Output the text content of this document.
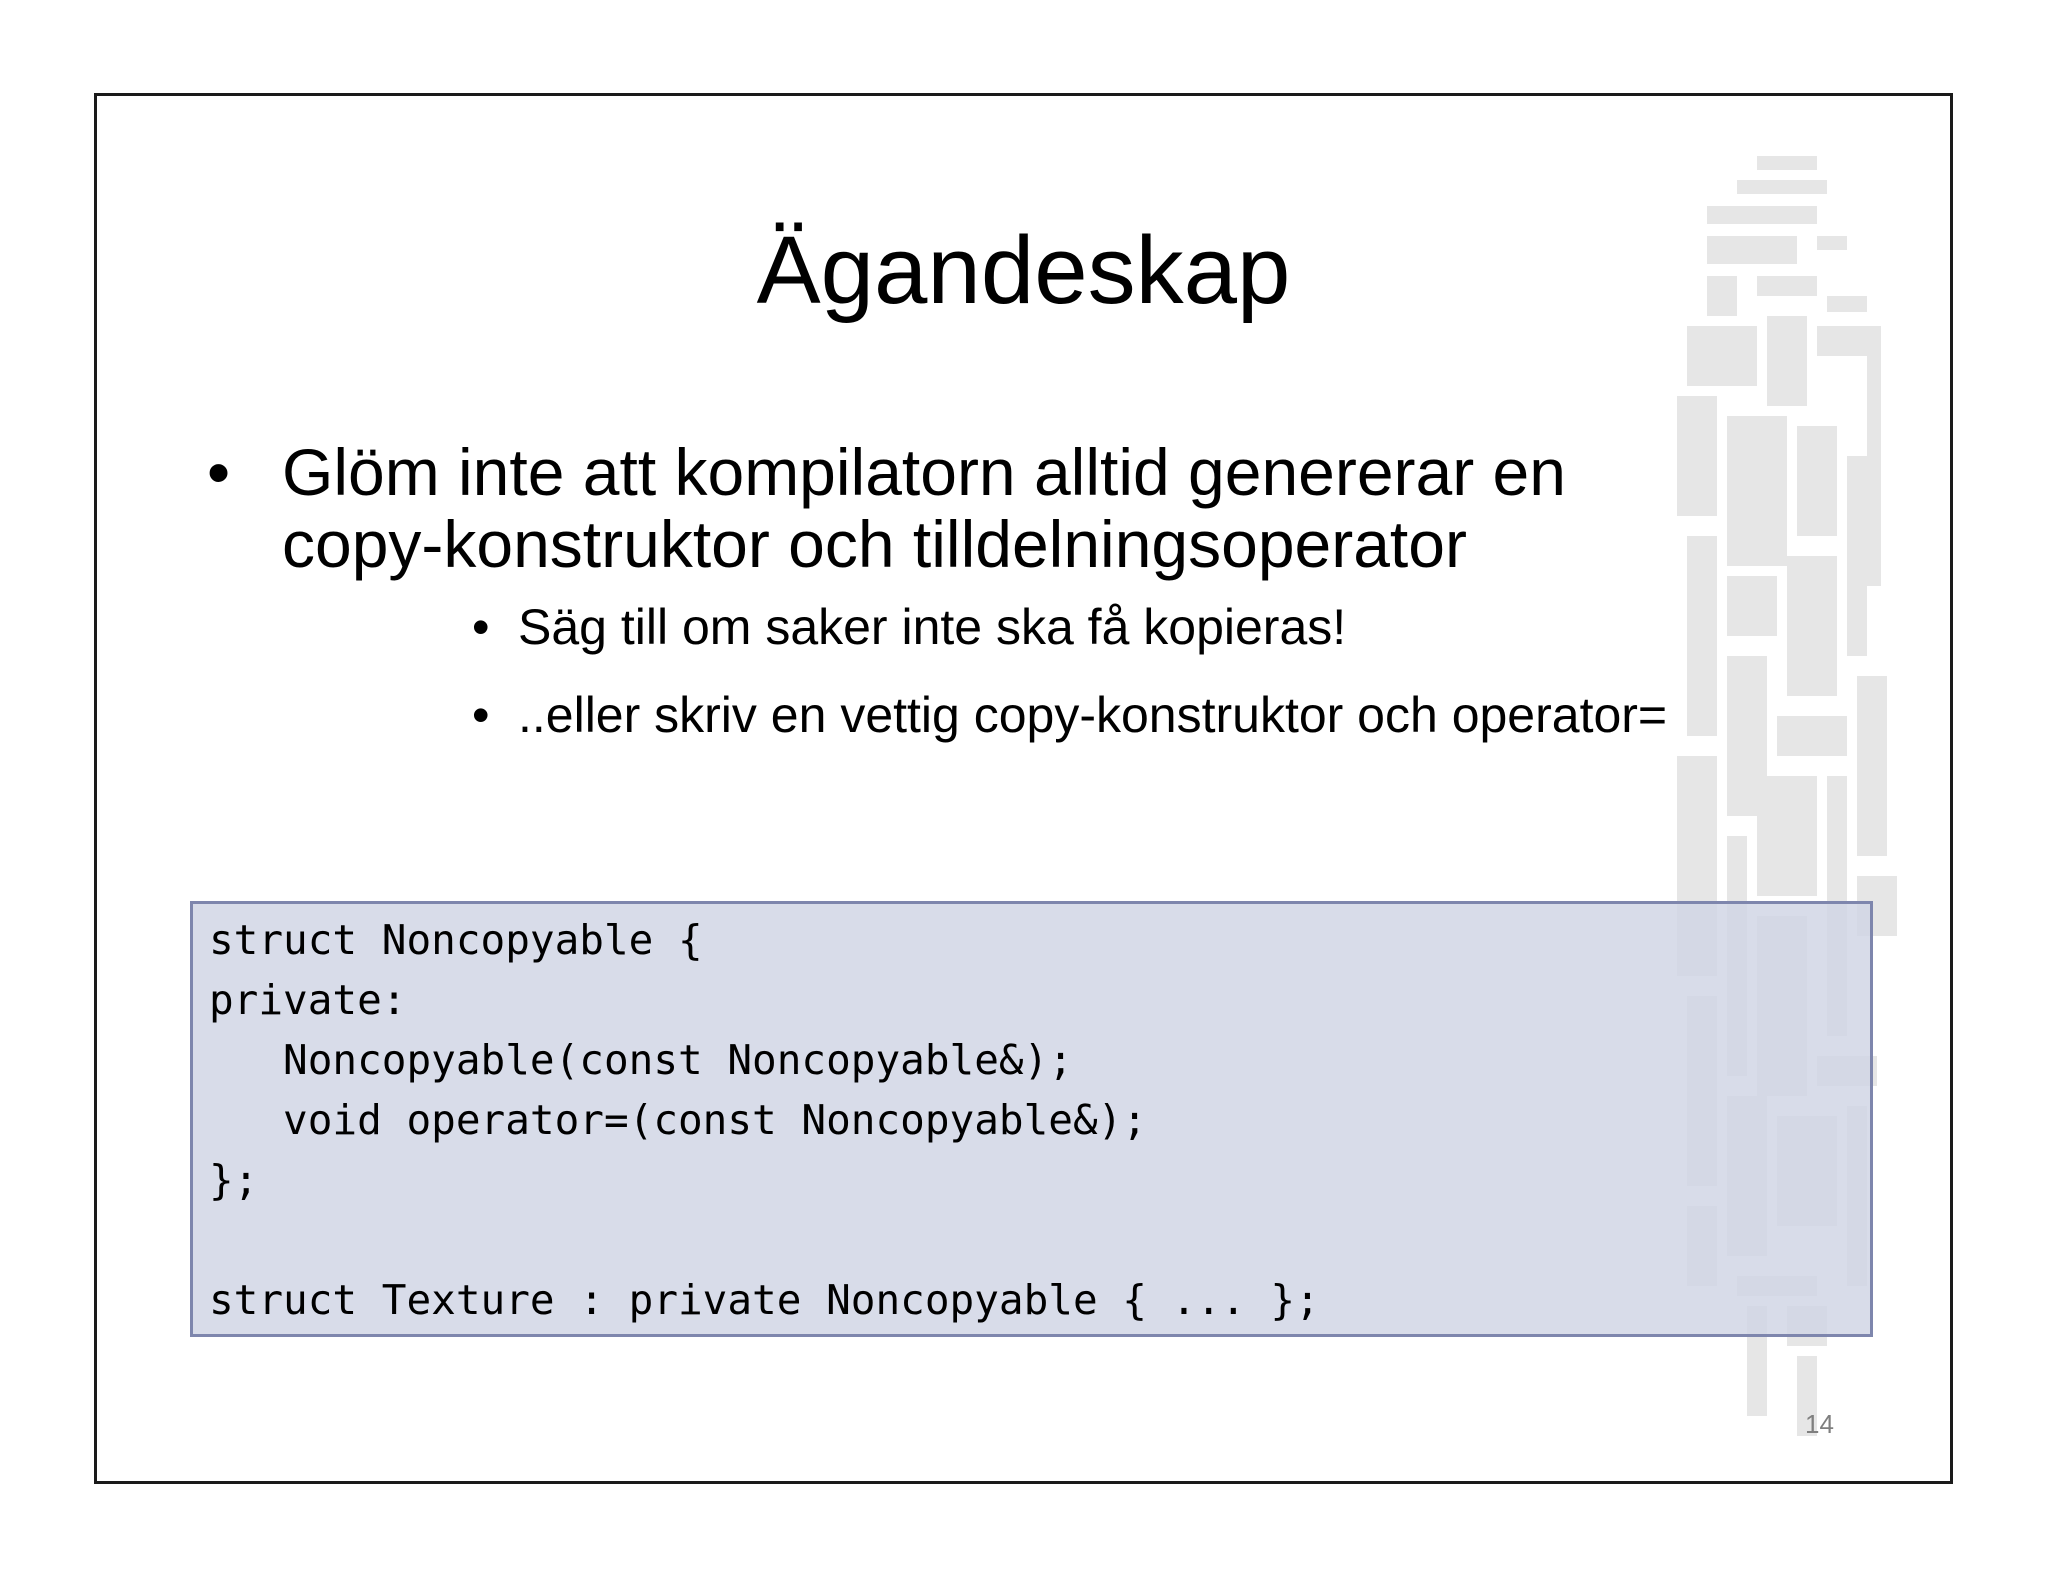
Ägandeskap
• Glöm inte att kompilatorn alltid genererar en
copy-konstruktor och tilldelningsoperator
• Säg till om saker inte ska få kopieras!
• ..eller skriv en vettig copy-konstruktor och operator=
struct Noncopyable {
private:
Noncopyable(const Noncopyable&);
void operator=(const Noncopyable&);
};
struct Texture : private Noncopyable { ... };
14
